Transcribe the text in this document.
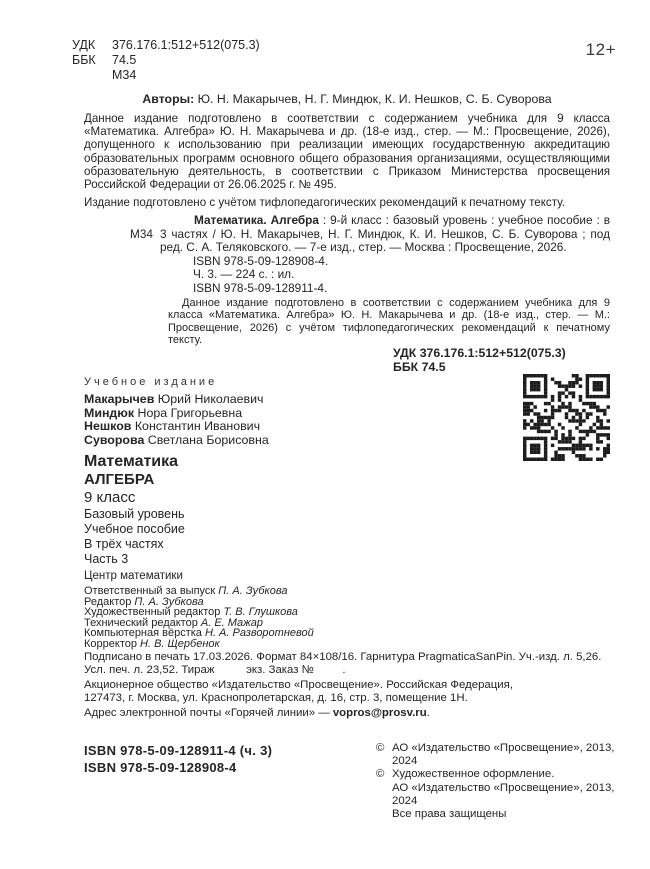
УДК	376.176.1:512+512(075.3)
ББК	74.5
М34
12+
Авторы: Ю. Н. Макарычев, Н. Г. Миндюк, К. И. Нешков, С. Б. Суворова
Данное издание подготовлено в соответствии с содержанием учебника для 9 класса «Математика. Алгебра» Ю. Н. Макарычева и др. (18-е изд., стер. — М.: Просвещение, 2026), допущенного к использованию при реализации имеющих государственную аккредитацию образовательных программ основного общего образования организациями, осуществляющими образовательную деятельность, в соответствии с Приказом Министерства просвещения Российской Федерации от 26.06.2025 г. № 495.
Издание подготовлено с учётом тифлопедагогических рекомендаций к печатному тексту.
М34
Математика. Алгебра : 9-й класс : базовый уровень : учебное пособие : в 3 частях / Ю. Н. Макарычев, Н. Г. Миндюк, К. И. Нешков, С. Б. Суворова ; под ред. С. А. Теляковского. — 7-е изд., стер. — Москва : Просвещение, 2026.
ISBN 978-5-09-128908-4.
Ч. 3. — 224 с. : ил.
ISBN 978-5-09-128911-4.
Данное издание подготовлено в соответствии с содержанием учебника для 9 класса «Математика. Алгебра» Ю. Н. Макарычева и др. (18-е изд., стер. — М.: Просвещение, 2026) с учётом тифлопедагогических рекомендаций к печатному тексту.
УДК 376.176.1:512+512(075.3)
ББК 74.5
Учебное издание
Макарычев Юрий Николаевич
Миндюк Нора Григорьевна
Нешков Константин Иванович
Суворова Светлана Борисовна
Математика
АЛГЕБРА
9 класс
Базовый уровень
Учебное пособие
В трёх частях
Часть 3
Центр математики
Ответственный за выпуск П. А. Зубкова
Редактор П. А. Зубкова
Художественный редактор Т. В. Глушкова
Технический редактор А. Е. Мажар
Компьютерная вёрстка Н. А. Разворотневой
Корректор Н. В. Щербенок
Подписано в печать 17.03.2026. Формат 84×108/16. Гарнитура PragmaticaSanPin. Уч.-изд. л. 5,26.
Усл. печ. л. 23,52. Тираж          экз. Заказ №         .
Акционерное общество «Издательство «Просвещение». Российская Федерация,
127473, г. Москва, ул. Краснопролетарская, д. 16, стр. 3, помещение 1Н.
Адрес электронной почты «Горячей линии» — vopros@prosv.ru.
ISBN 978-5-09-128911-4 (ч. 3)
ISBN 978-5-09-128908-4
© АО «Издательство «Просвещение», 2013, 2024
© Художественное оформление.
АО «Издательство «Просвещение», 2013, 2024
Все права защищены
